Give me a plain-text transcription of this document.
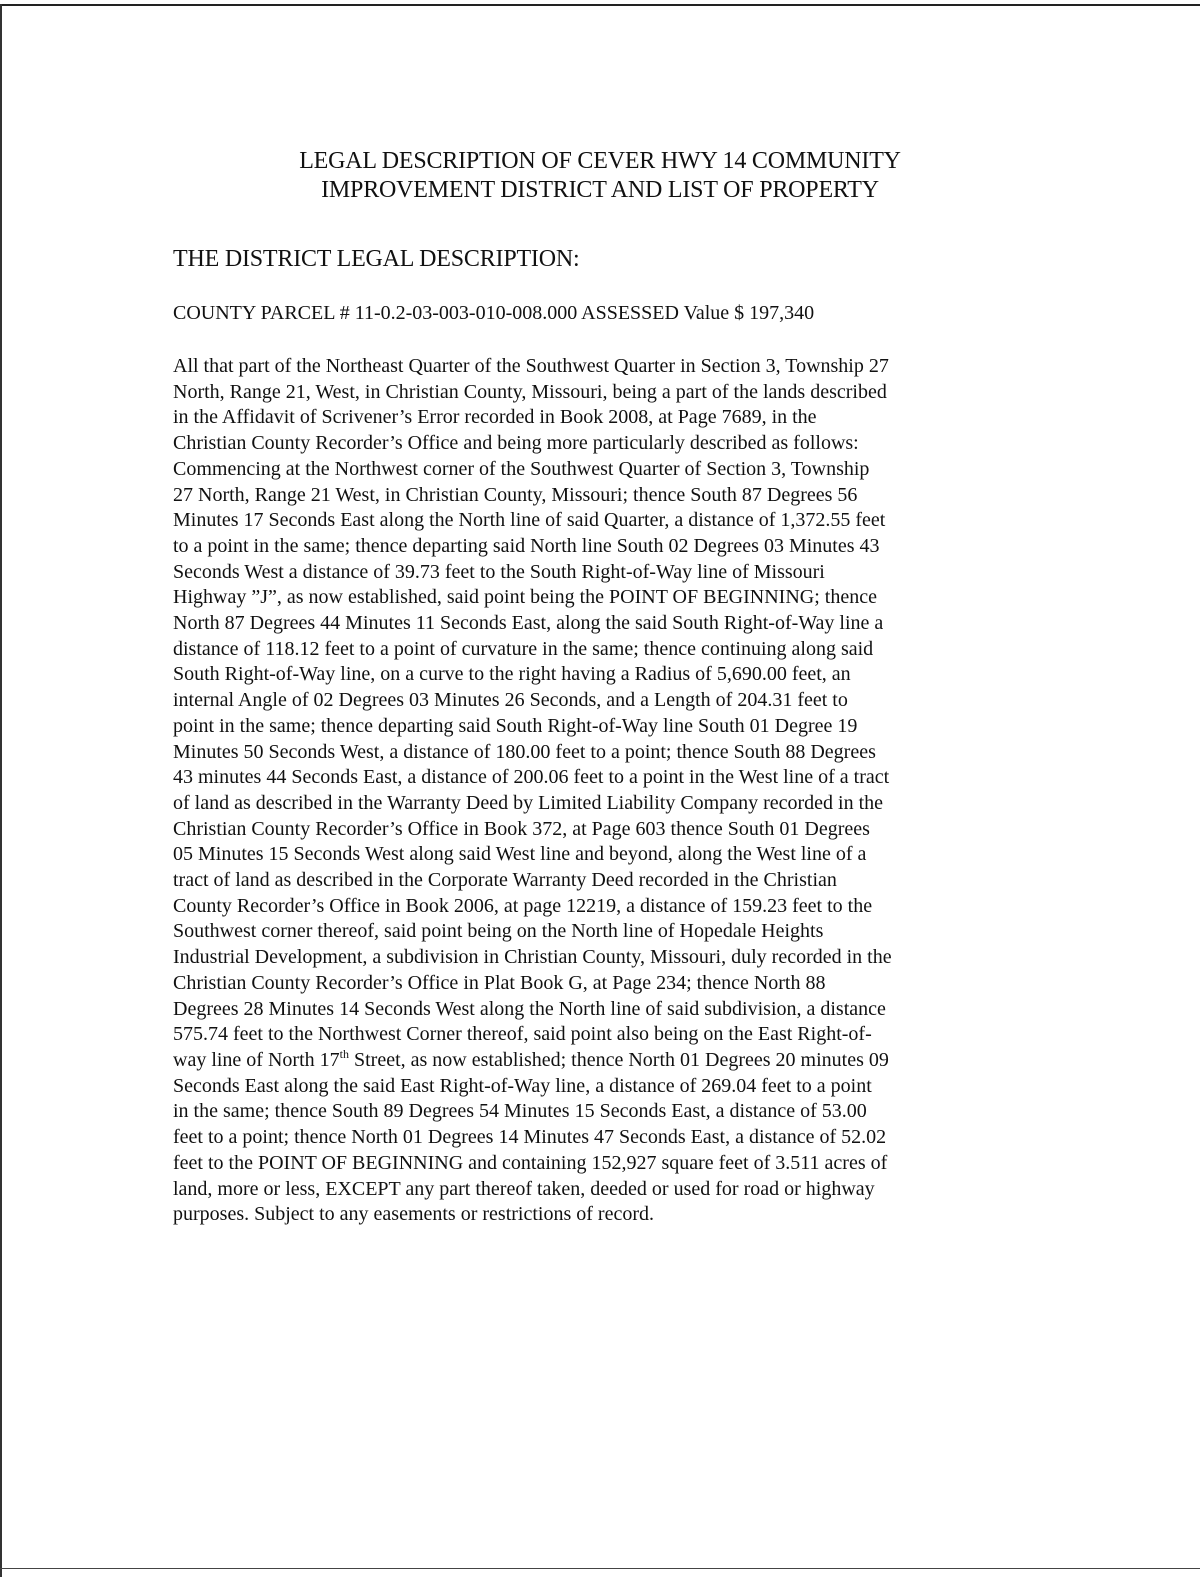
LEGAL DESCRIPTION OF CEVER HWY 14 COMMUNITY
IMPROVEMENT DISTRICT AND LIST OF PROPERTY
THE DISTRICT LEGAL DESCRIPTION:
COUNTY PARCEL # 11-0.2-03-003-010-008.000 ASSESSED Value $ 197,340
All that part of the Northeast Quarter of the Southwest Quarter in Section 3, Township 27
North, Range 21, West, in Christian County, Missouri, being a part of the lands described
in the Affidavit of Scrivener’s Error recorded in Book 2008, at Page 7689, in the
Christian County Recorder’s Office and being more particularly described as follows:
Commencing at the Northwest corner of the Southwest Quarter of Section 3, Township
27 North, Range 21 West, in Christian County, Missouri; thence South 87 Degrees 56
Minutes 17 Seconds East along the North line of said Quarter, a distance of 1,372.55 feet
to a point in the same; thence departing said North line South 02 Degrees 03 Minutes 43
Seconds West a distance of 39.73 feet to the South Right-of-Way line of Missouri
Highway ”J”, as now established, said point being the POINT OF BEGINNING; thence
North 87 Degrees 44 Minutes 11 Seconds East, along the said South Right-of-Way line a
distance of 118.12 feet to a point of curvature in the same; thence continuing along said
South Right-of-Way line, on a curve to the right having a Radius of 5,690.00 feet, an
internal Angle of 02 Degrees 03 Minutes 26 Seconds, and a Length of 204.31 feet to
point in the same; thence departing said South Right-of-Way line South 01 Degree 19
Minutes 50 Seconds West, a distance of 180.00 feet to a point; thence South 88 Degrees
43 minutes 44 Seconds East, a distance of 200.06 feet to a point in the West line of a tract
of land as described in the Warranty Deed by Limited Liability Company recorded in the
Christian County Recorder’s Office in Book 372, at Page 603 thence South 01 Degrees
05 Minutes 15 Seconds West along said West line and beyond, along the West line of a
tract of land as described in the Corporate Warranty Deed recorded in the Christian
County Recorder’s Office in Book 2006, at page 12219, a distance of 159.23 feet to the
Southwest corner thereof, said point being on the North line of Hopedale Heights
Industrial Development, a subdivision in Christian County, Missouri, duly recorded in the
Christian County Recorder’s Office in Plat Book G, at Page 234; thence North 88
Degrees 28 Minutes 14 Seconds West along the North line of said subdivision, a distance
575.74 feet to the Northwest Corner thereof, said point also being on the East Right-of-
way line of North 17th Street, as now established; thence North 01 Degrees 20 minutes 09
Seconds East along the said East Right-of-Way line, a distance of 269.04 feet to a point
in the same; thence South 89 Degrees 54 Minutes 15 Seconds East, a distance of 53.00
feet to a point; thence North 01 Degrees 14 Minutes 47 Seconds East, a distance of 52.02
feet to the POINT OF BEGINNING and containing 152,927 square feet of 3.511 acres of
land, more or less, EXCEPT any part thereof taken, deeded or used for road or highway
purposes. Subject to any easements or restrictions of record.
